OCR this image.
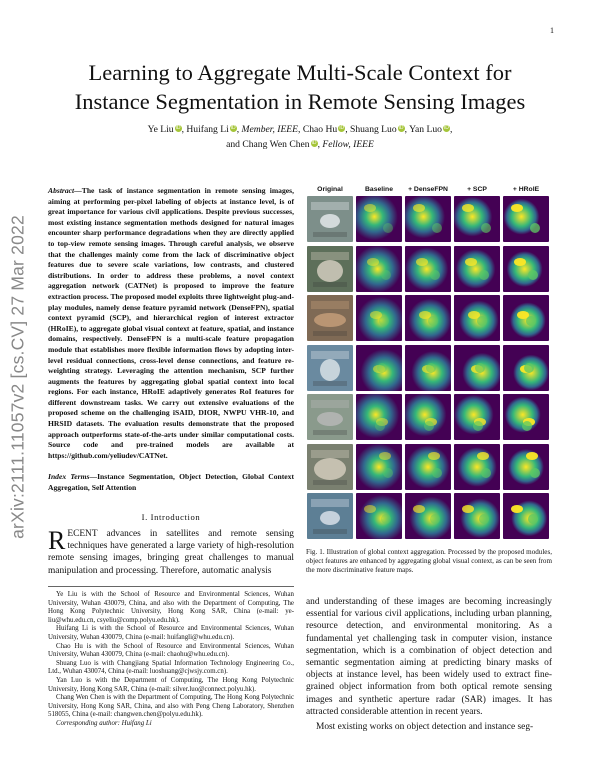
1
arXiv:2111.11057v2 [cs.CV] 27 Mar 2022
Learning to Aggregate Multi-Scale Context for
Instance Segmentation in Remote Sensing Images
Ye Liu iD, Huifang Li iD, Member, IEEE, Chao Hu iD, Shuang Luo iD, Yan Luo iD,
and Chang Wen Chen iD, Fellow, IEEE

Abstract—The task of instance segmentation in remote sensing images, aiming at performing per-pixel labeling of objects at instance level, is of great importance for various civil applications. Despite previous successes, most existing instance segmentation methods designed for natural images encounter sharp performance degradations when they are directly applied to top-view remote sensing images. Through careful analysis, we observe that the challenges mainly come from the lack of discriminative object features due to severe scale variations, low contrasts, and clustered distributions. In order to address these problems, a novel context aggregation network (CATNet) is proposed to improve the feature extraction process. The proposed model exploits three lightweight plug-and-play modules, namely dense feature pyramid network (DenseFPN), spatial context pyramid (SCP), and hierarchical region of interest extractor (HRoIE), to aggregate global visual context at feature, spatial, and instance domains, respectively. DenseFPN is a multi-scale feature propagation module that establishes more flexible information flows by adopting inter-level residual connections, cross-level dense connections, and feature re-weighting strategy. Leveraging the attention mechanism, SCP further augments the features by aggregating global spatial context into local regions. For each instance, HRoIE adaptively generates RoI features for different downstream tasks. We carry out extensive evaluations of the proposed scheme on the challenging iSAID, DIOR, NWPU VHR-10, and HRSID datasets. The evaluation results demonstrate that the proposed approach outperforms state-of-the-arts under similar computational costs. Source code and pre-trained models are available at https://github.com/yeliudev/CATNet.

Index Terms—Instance Segmentation, Object Detection, Global Context Aggregation, Self Attention

I. Introduction
RECENT advances in satellites and remote sensing techniques have generated a large variety of high-resolution remote sensing images, bringing great challenges to manual manipulation and processing. Therefore, automatic analysis

Ye Liu is with the School of Resource and Environmental Sciences, Wuhan University, Wuhan 430079, China, and also with the Department of Computing, The Hong Kong Polytechnic University, Hong Kong SAR, China (e-mail: ye-liu@whu.edu.cn, csyeliu@comp.polyu.edu.hk).

Huifang Li is with the School of Resource and Environmental Sciences, Wuhan University, Wuhan 430079, China (e-mail: huifangli@whu.edu.cn).

Chao Hu is with the School of Resource and Environmental Sciences, Wuhan University, Wuhan 430079, China (e-mail: chaohu@whu.edu.cn).

Shuang Luo is with Changjiang Spatial Information Technology Engineering Co., Ltd., Wuhan 430074, China (e-mail: luoshuang@cjwsjy.com.cn).

Yan Luo is with the Department of Computing, The Hong Kong Polytechnic University, Hong Kong SAR, China (e-mail: silver.luo@connect.polyu.hk).

Chang Wen Chen is with the Department of Computing, The Hong Kong Polytechnic University, Hong Kong SAR, China, and also with Peng Cheng Laboratory, Shenzhen 518055, China (e-mail: changwen.chen@polyu.edu.hk).

Corresponding author: Huifang Li

Original	Baseline	+ DenseFPN	+ SCP	+ HRoIE
Fig. 1. Illustration of global context aggregation. Processed by the proposed modules, object features are enhanced by aggregating global visual context, as can be seen from the more discriminative feature maps.

and understanding of these images are becoming increasingly essential for various civil applications, including urban planning, resource detection, and environmental monitoring. As a fundamental yet challenging task in computer vision, instance segmentation, which is a combination of object detection and semantic segmentation aiming at predicting binary masks of objects at instance level, has been widely used to extract fine-grained object information from both optical remote sensing images and synthetic aperture radar (SAR) images. It has attracted considerable attention in recent years.

Most existing works on object detection and instance seg-
